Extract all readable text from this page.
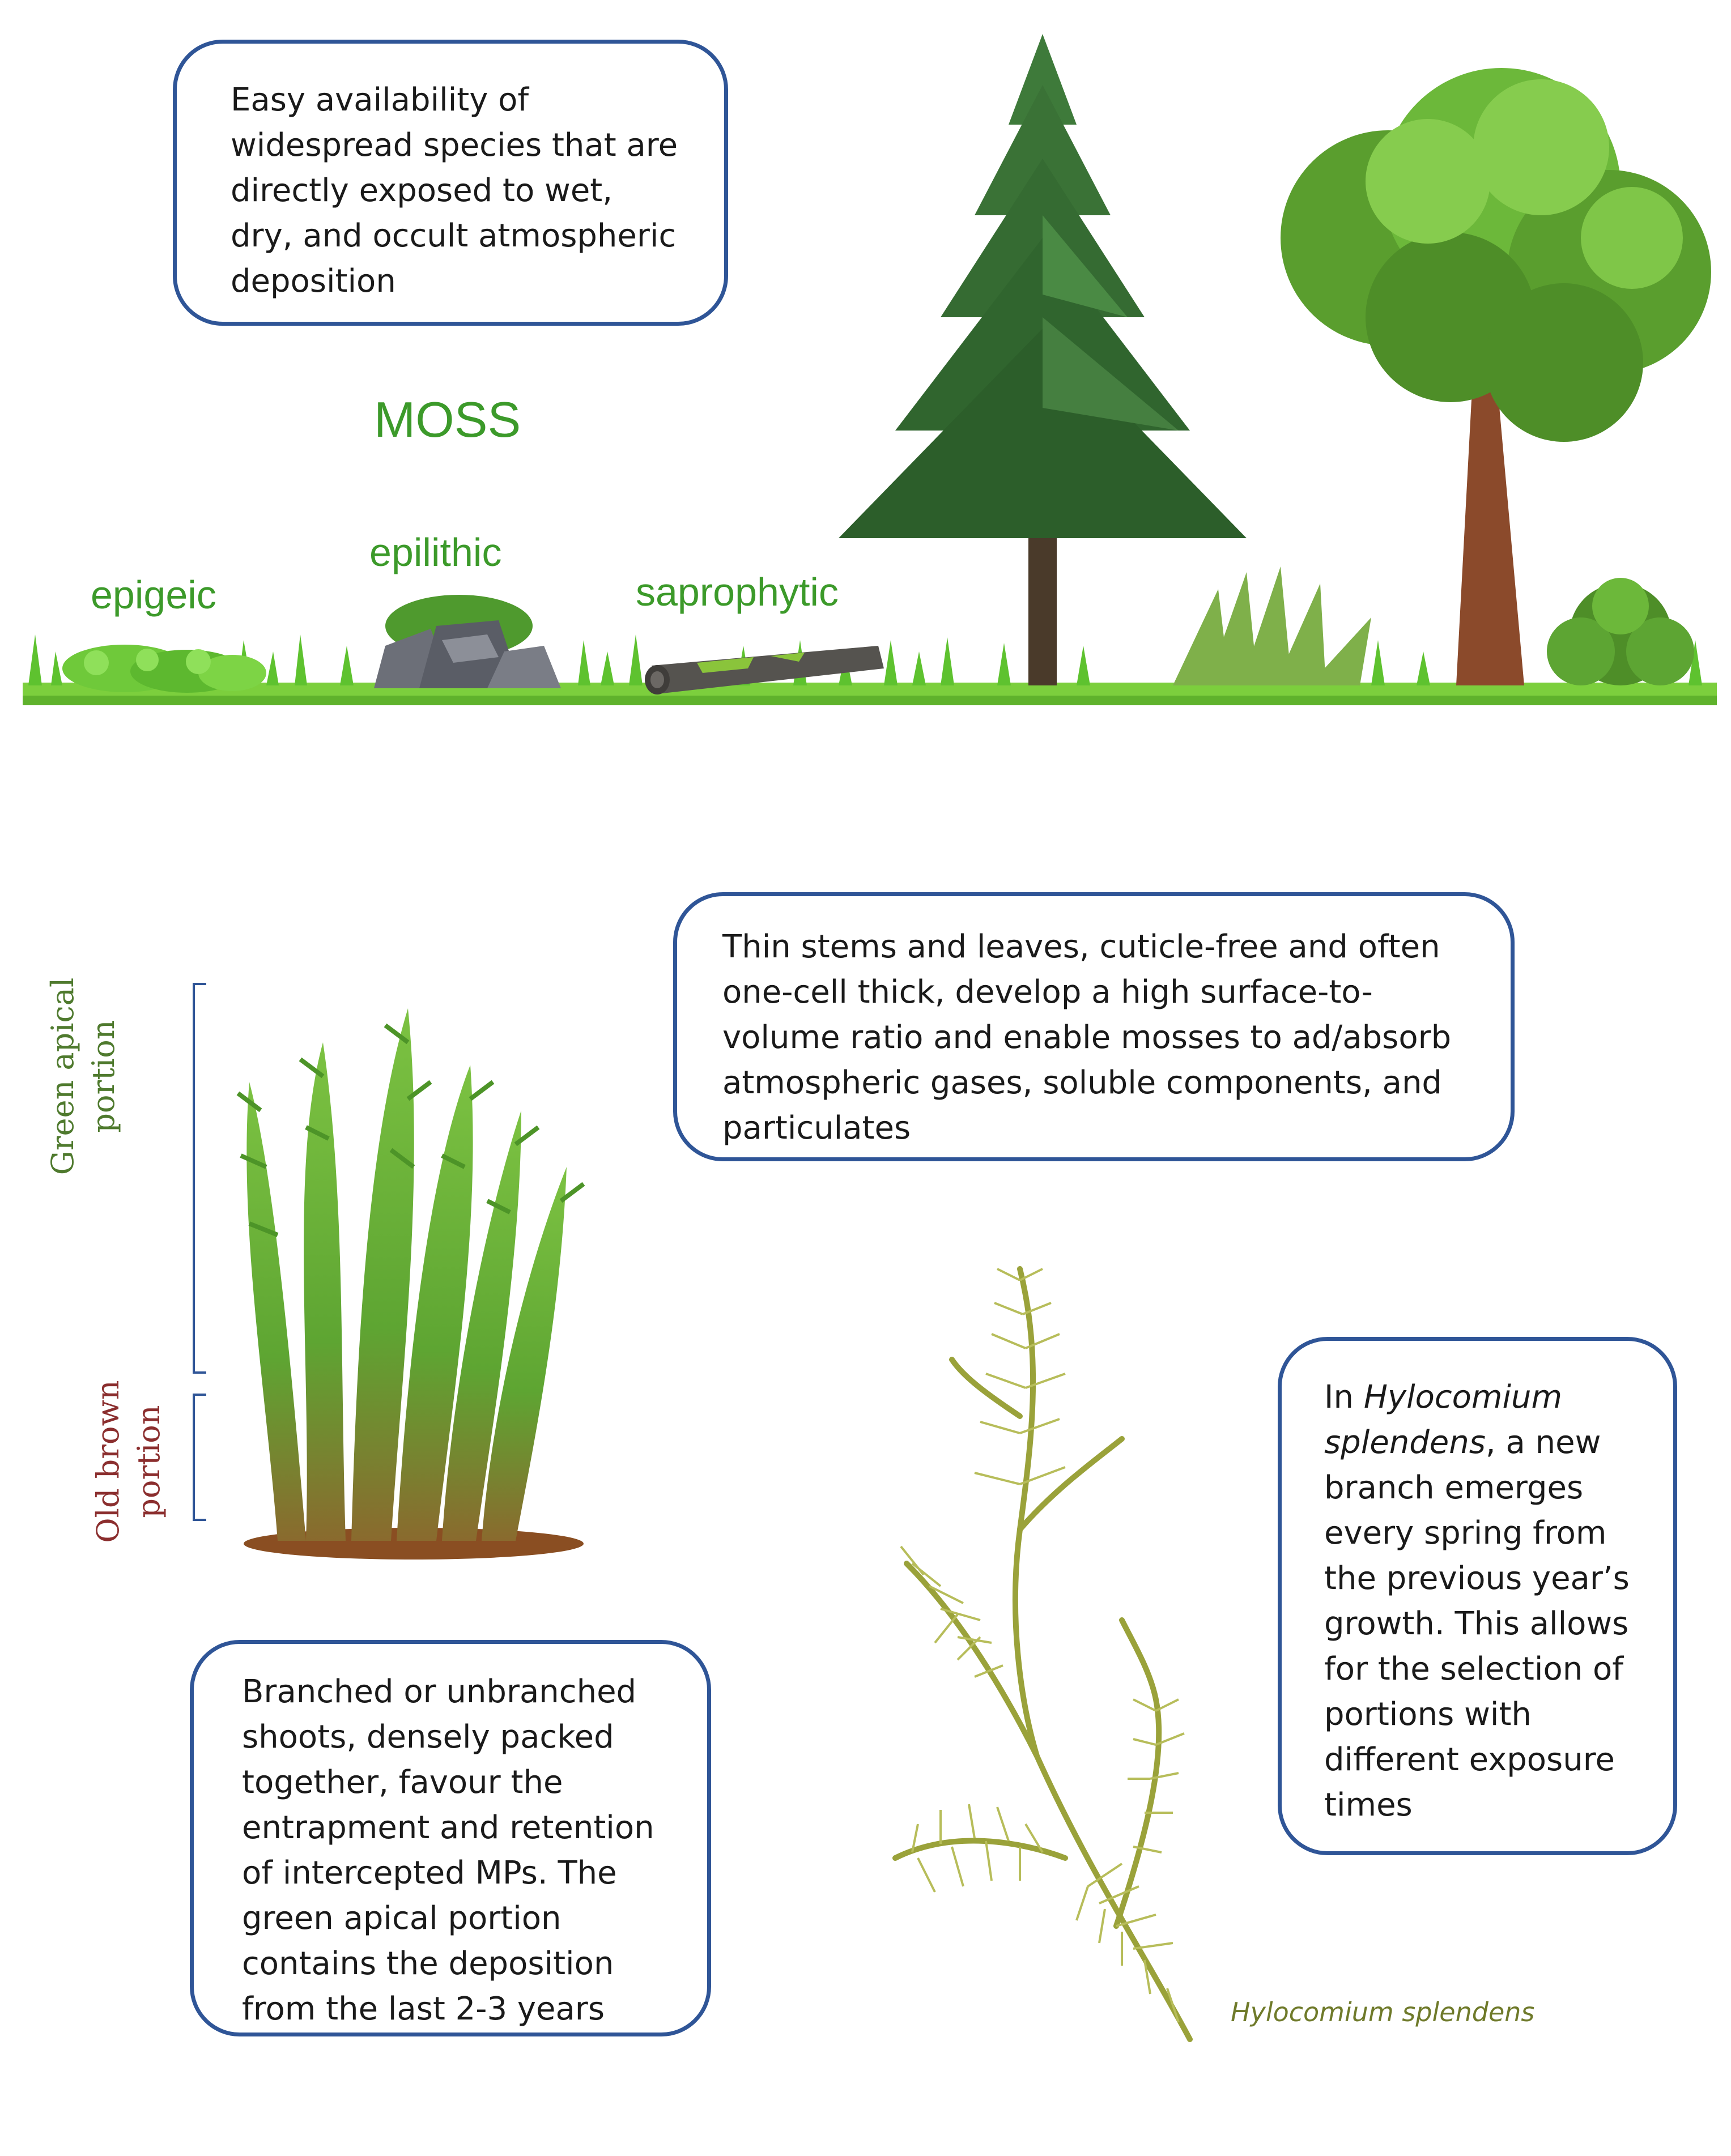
MOSS
epigeic
epilithic
saprophytic

Easy availability of widespread species that are directly exposed to wet, dry, and occult atmospheric deposition

Thin stems and leaves, cuticle-free and often one-cell thick, develop a high surface-to-volume ratio and enable mosses to ad/absorb atmospheric gases, soluble components, and particulates

Green apical portion
Old brown portion

Branched or unbranched shoots, densely packed together, favour the entrapment and retention of intercepted MPs. The green apical portion contains the deposition from the last 2-3 years

In Hylocomium splendens, a new branch emerges every spring from the previous year’s growth. This allows for the selection of portions with different exposure times

Hylocomium splendens
